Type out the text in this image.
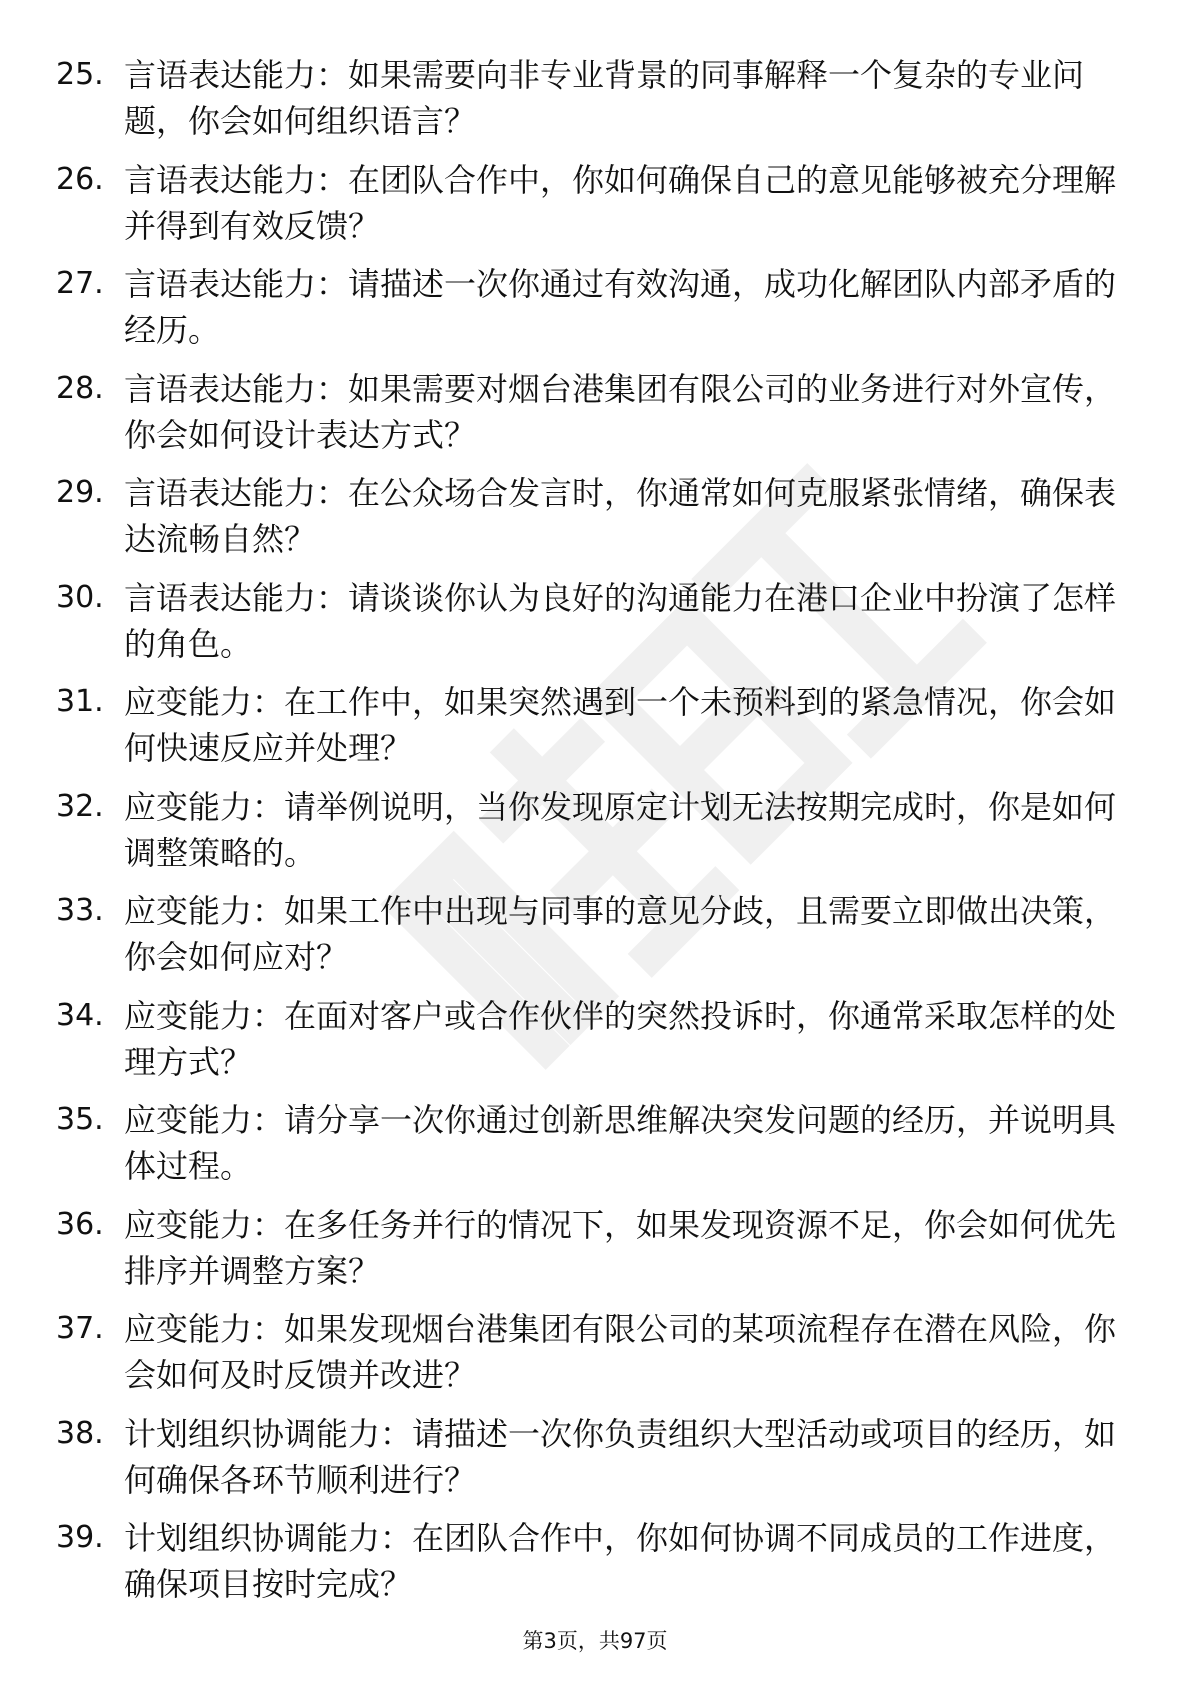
25. 言语表达能力：如果需要向非专业背景的同事解释一个复杂的专业问题，你会如何组织语言？
26. 言语表达能力：在团队合作中，你如何确保自己的意见能够被充分理解并得到有效反馈？
27. 言语表达能力：请描述一次你通过有效沟通，成功化解团队内部矛盾的经历。
28. 言语表达能力：如果需要对烟台港集团有限公司的业务进行对外宣传，你会如何设计表达方式？
29. 言语表达能力：在公众场合发言时，你通常如何克服紧张情绪，确保表达流畅自然？
30. 言语表达能力：请谈谈你认为良好的沟通能力在港口企业中扮演了怎样的角色。
31. 应变能力：在工作中，如果突然遇到一个未预料到的紧急情况，你会如何快速反应并处理？
32. 应变能力：请举例说明，当你发现原定计划无法按期完成时，你是如何调整策略的。
33. 应变能力：如果工作中出现与同事的意见分歧，且需要立即做出决策，你会如何应对？
34. 应变能力：在面对客户或合作伙伴的突然投诉时，你通常采取怎样的处理方式？
35. 应变能力：请分享一次你通过创新思维解决突发问题的经历，并说明具体过程。
36. 应变能力：在多任务并行的情况下，如果发现资源不足，你会如何优先排序并调整方案？
37. 应变能力：如果发现烟台港集团有限公司的某项流程存在潜在风险，你会如何及时反馈并改进？
38. 计划组织协调能力：请描述一次你负责组织大型活动或项目的经历，如何确保各环节顺利进行？
39. 计划组织协调能力：在团队合作中，你如何协调不同成员的工作进度，确保项目按时完成？
第3页，共97页
